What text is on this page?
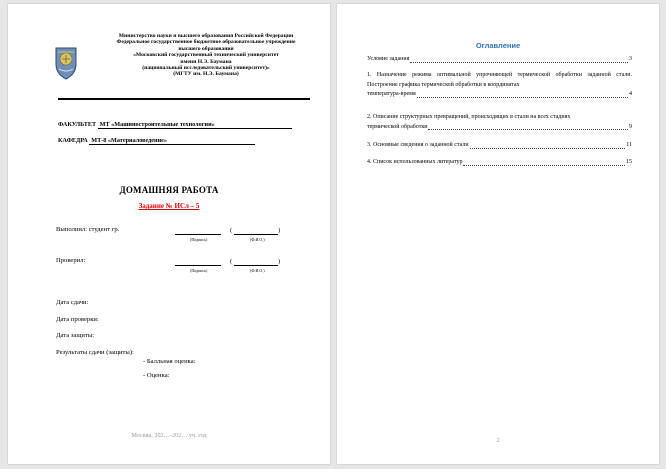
Министерство науки и высшего образования Российской Федерации
Федеральное государственное бюджетное образовательное учреждение
высшего образования
«Московский государственный технический университет
имени Н.Э. Баумана
(национальный исследовательский университет)»
(МГТУ им. Н.Э. Баумана)
ФАКУЛЬТЕТ МТ «Машиностроительные технологии»
КАФЕДРА МТ-8 «Материаловедение»
ДОМАШНЯЯ РАБОТА
Задание № ИСл – 5
Выполнил: студент гр.	(	)
(Подпись)	(Ф.И.О.)
Проверил:	(	)
(Подпись)	(Ф.И.О.)
Дата сдачи:
Дата проверки:
Дата защиты:
Результаты сдачи (защиты):
- Балльная оценка:
- Оценка:
Москва, 202…-202… уч. год
Оглавление
Условие задания	3
1. Назначение режима оптимальной упрочняющей термической обработки заданной стали. Построение графика термической обработки в координатах
температура-время	4
2. Описание структурных превращений, происходящих в стали на всех стадиях
термической обработки	9
3. Основные сведения о заданной стали	11
4. Список использованных литератур	15
2
